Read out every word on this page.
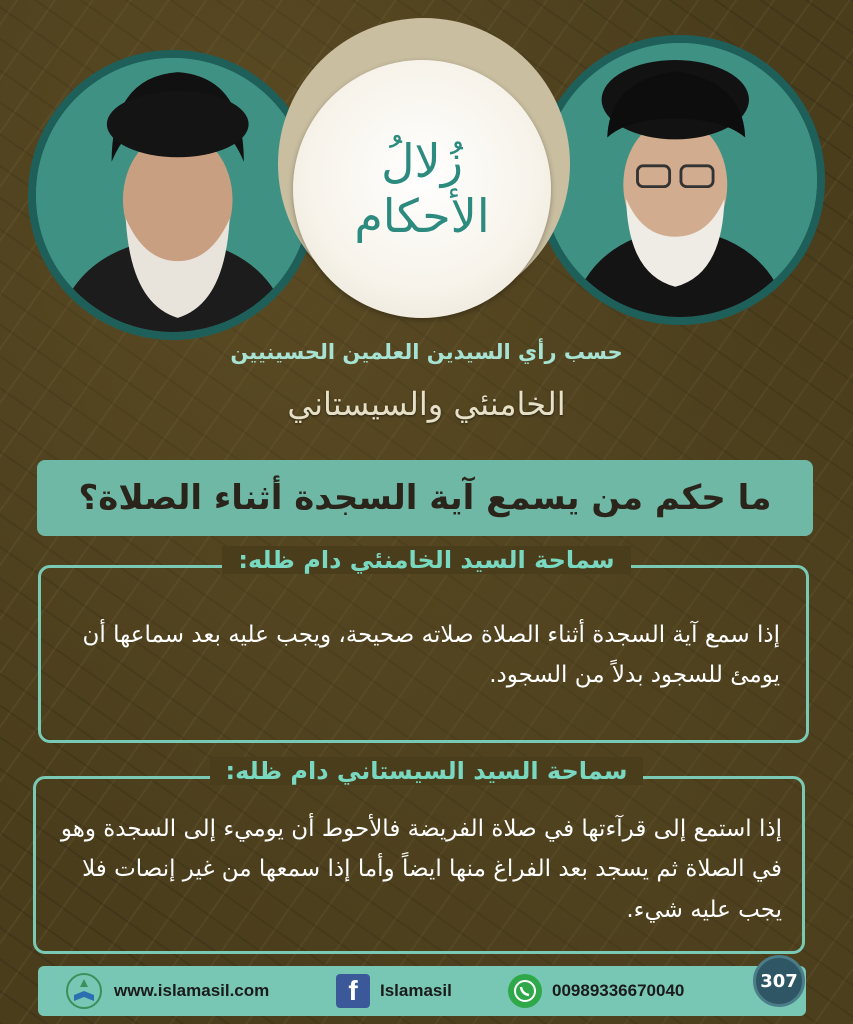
زُلالُ
الأحكام
حسب رأي السيدين العلمين الحسينيين
الخامنئي والسيستاني
ما حكم من يسمع آية السجدة أثناء الصلاة؟
سماحة السيد الخامنئي دام ظله:
إذا سمع آية السجدة أثناء الصلاة صلاته صحيحة، ويجب عليه بعد سماعها أن يومئ للسجود بدلاً من السجود.
سماحة السيد السيستاني دام ظله:
إذا استمع إلى قرآءتها في صلاة الفريضة فالأحوط أن يوميء إلى السجدة وهو في الصلاة ثم يسجد بعد الفراغ منها ايضاً وأما إذا سمعها من غير إنصات فلا يجب عليه شيء.
www.islamasil.com	f	Islamasil	00989336670040	307
